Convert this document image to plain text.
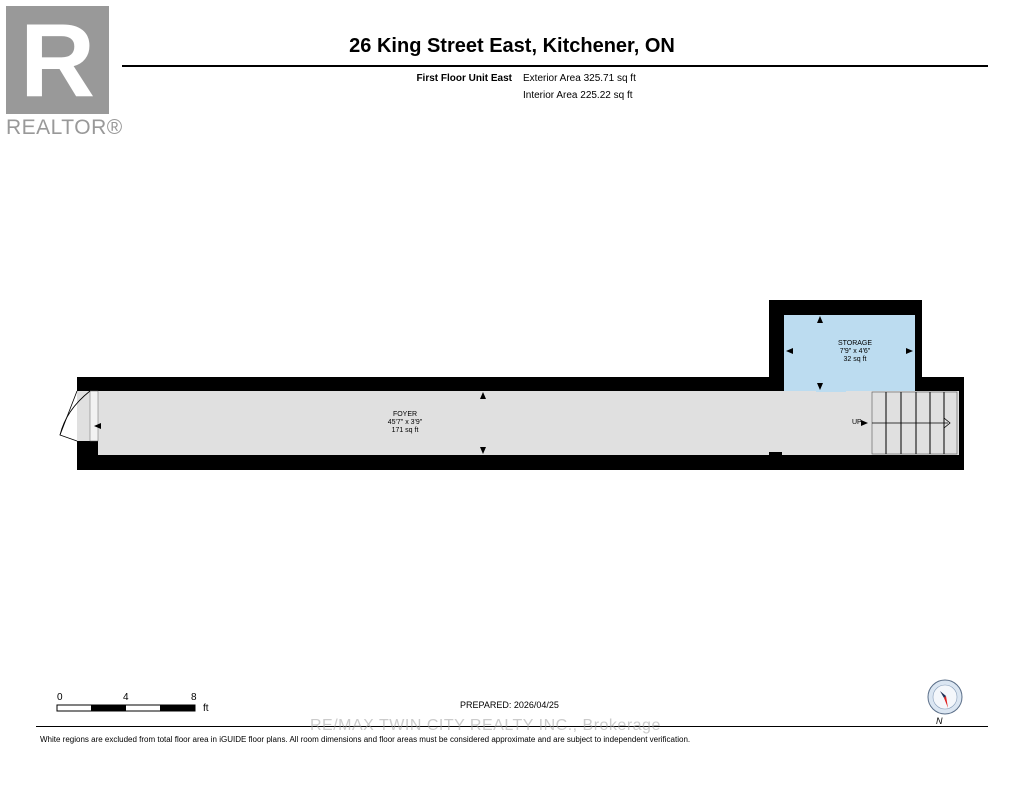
R
REALTOR®
26 King Street East, Kitchener, ON
First Floor Unit East Exterior Area 325.71 sq ft
Interior Area 225.22 sq ft
FOYER
45'7" x 3'9"
171 sq ft
STORAGE
7'9" x 4'6"
32 sq ft
UP
0	4	8
ft	PREPARED: 2026/04/25
N
RE/MAX TWIN CITY REALTY INC., Brokerage
White regions are excluded from total floor area in iGUIDE floor plans. All room dimensions and floor areas must be considered approximate and are subject to independent verification.
